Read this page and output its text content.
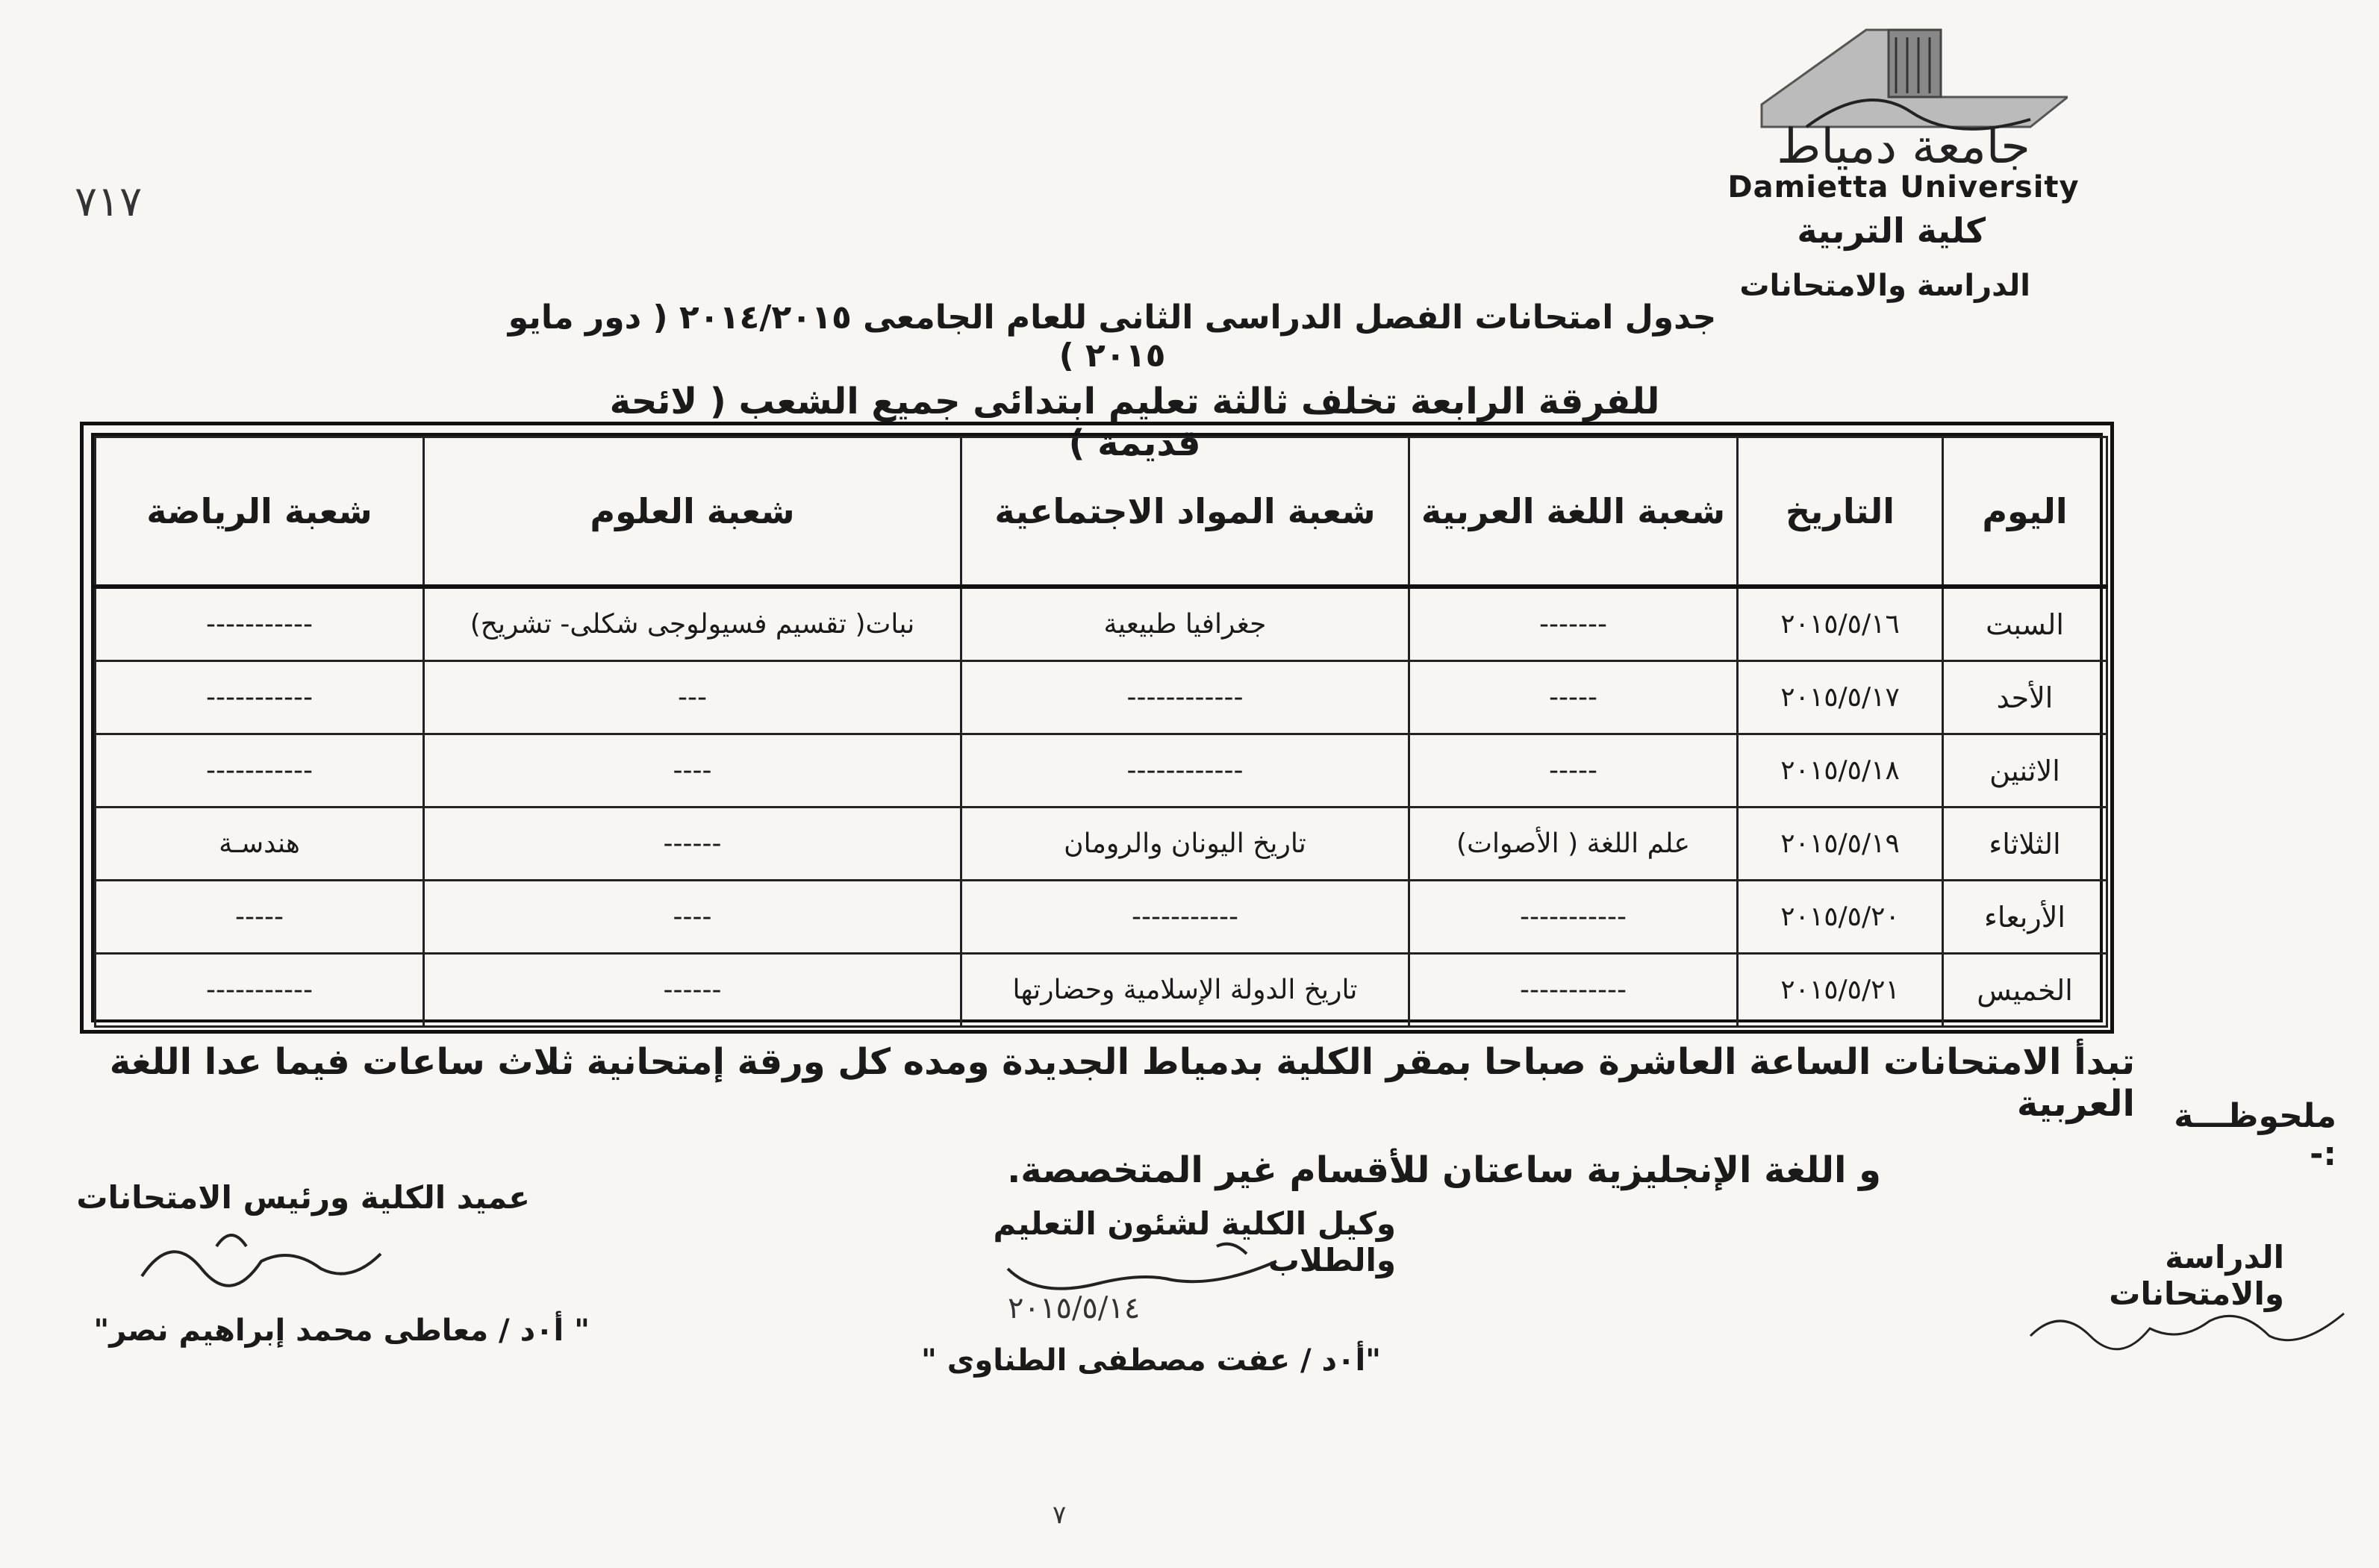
جامعة دمياط
Damietta University
كلية التربية
الدراسة والامتحانات
٧١٧
جدول امتحانات الفصل الدراسى الثانى للعام الجامعى ٢٠١٤/٢٠١٥ ( دور مايو ٢٠١٥ )
للفرقة الرابعة تخلف ثالثة تعليم ابتدائى جميع الشعب ( لائحة قديمة )
اليوم	التاريخ	شعبة اللغة العربية	شعبة المواد الاجتماعية	شعبة العلوم	شعبة الرياضة
السبت	٢٠١٥/٥/١٦	-------	جغرافيا طبيعية	نبات( تقسيم فسيولوجى شكلى- تشريح)	-----------
الأحد	٢٠١٥/٥/١٧	-----	------------	---	-----------
الاثنين	٢٠١٥/٥/١٨	-----	------------	----	-----------
الثلاثاء	٢٠١٥/٥/١٩	علم اللغة ( الأصوات)	تاريخ اليونان والرومان	------	هندسـة
الأربعاء	٢٠١٥/٥/٢٠	-----------	-----------	----	-----
الخميس	٢٠١٥/٥/٢١	-----------	تاريخ الدولة الإسلامية وحضارتها	------	-----------
ملحوظـــة :-
تبدأ الامتحانات الساعة العاشرة صباحا بمقر الكلية بدمياط الجديدة ومده كل ورقة إمتحانية ثلاث ساعات فيما عدا اللغة العربية
و اللغة الإنجليزية ساعتان للأقسام غير المتخصصة.
عميد الكلية ورئيس الامتحانات
" أ٠د / معاطى محمد إبراهيم نصر"
وكيل الكلية لشئون التعليم والطلاب
٢٠١٥/٥/١٤
"أ٠د / عفت مصطفى الطناوى "
الدراسة والامتحانات
٧
